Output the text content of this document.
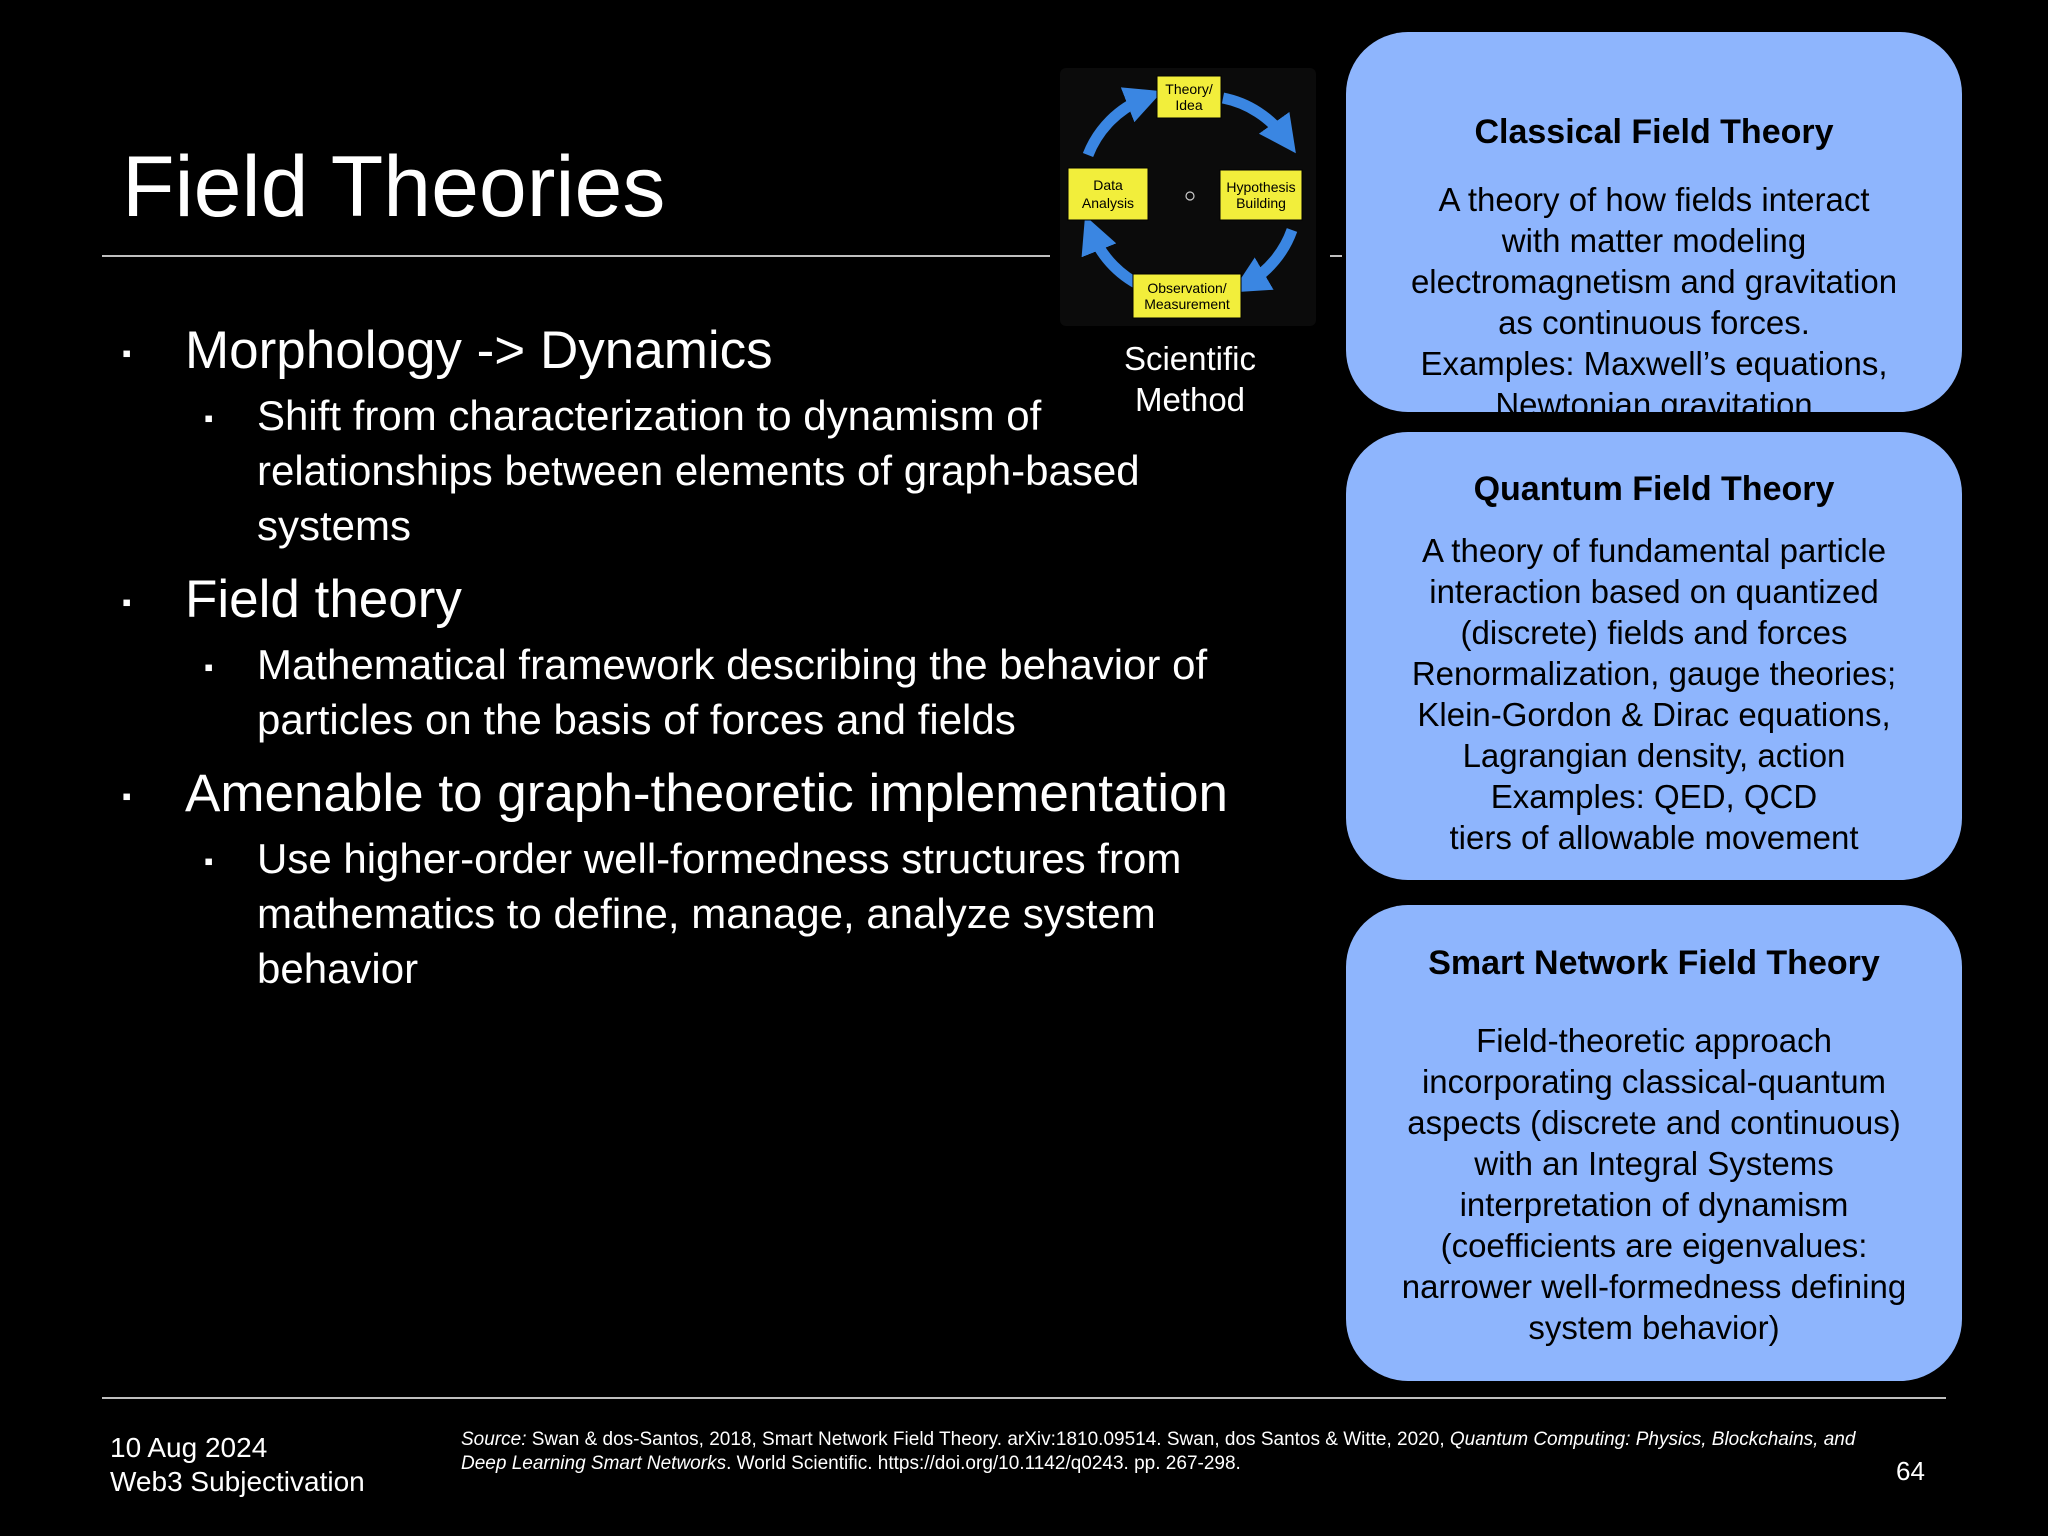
Field Theories
▪ Morphology -> Dynamics
▪ Shift from characterization to dynamism of relationships between elements of graph-based systems
▪ Field theory
▪ Mathematical framework describing the behavior of particles on the basis of forces and fields
▪ Amenable to graph-theoretic implementation
▪ Use higher-order well-formedness structures from mathematics to define, manage, analyze system behavior
Theory/
Idea
Hypothesis
Building
Observation/
Measurement
Data
Analysis
Scientific
Method
Classical Field Theory
A theory of how fields interact
with matter modeling
electromagnetism and gravitation
as continuous forces.
Examples: Maxwell’s equations,
Newtonian gravitation
Quantum Field Theory
A theory of fundamental particle
interaction based on quantized
(discrete) fields and forces
Renormalization, gauge theories;
Klein-Gordon & Dirac equations,
Lagrangian density, action
Examples: QED, QCD
tiers of allowable movement
Smart Network Field Theory
Field-theoretic approach
incorporating classical-quantum
aspects (discrete and continuous)
with an Integral Systems
interpretation of dynamism
(coefficients are eigenvalues:
narrower well-formedness defining
system behavior)
10 Aug 2024
Web3 Subjectivation
Source: Swan & dos-Santos, 2018, Smart Network Field Theory. arXiv:1810.09514. Swan, dos Santos & Witte, 2020, Quantum Computing: Physics, Blockchains, and Deep Learning Smart Networks. World Scientific. https://doi.org/10.1142/q0243. pp. 267-298.	64
